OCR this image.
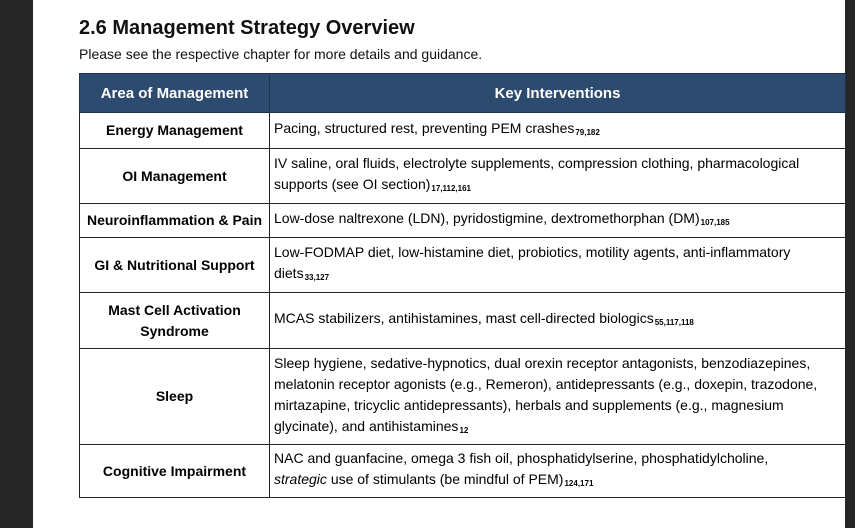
2.6 Management Strategy Overview
Please see the respective chapter for more details and guidance.
Area of Management	Key Interventions
Energy Management	Pacing, structured rest, preventing PEM crashes$_{79,182}$
OI Management	IV saline, oral fluids, electrolyte supplements, compression clothing, pharmacological supports (see OI $section)_{17,112,161}$
Neuroinflammation & Pain	Low-dose naltrexone (LDN), pyridostigmine, dextromethorphan $(DM)_{107,185}$
GI & Nutritional Support	Low-FODMAP diet, low-histamine diet, probiotics, motility agents, anti-inflammatory diets$_{33,127}$
Mast Cell Activation Syndrome	MCAS stabilizers, antihistamines, mast cell-directed biologics$_{55,117,118}$
Sleep	Sleep hygiene, sedative-hypnotics, dual orexin receptor antagonists, benzodiazepines, melatonin receptor agonists (e.g., Remeron), antidepressants (e.g., doxepin, trazodone, mirtazapine, tricyclic antidepressants), herbals and supplements (e.g., magnesium glycinate), and antihistamines$_{12}$
Cognitive Impairment	NAC and guanfacine, omega 3 fish oil, phosphatidylserine, phosphatidylcholine,
strategic use of stimulants (be mindful of $PEM)_{124,171}$
